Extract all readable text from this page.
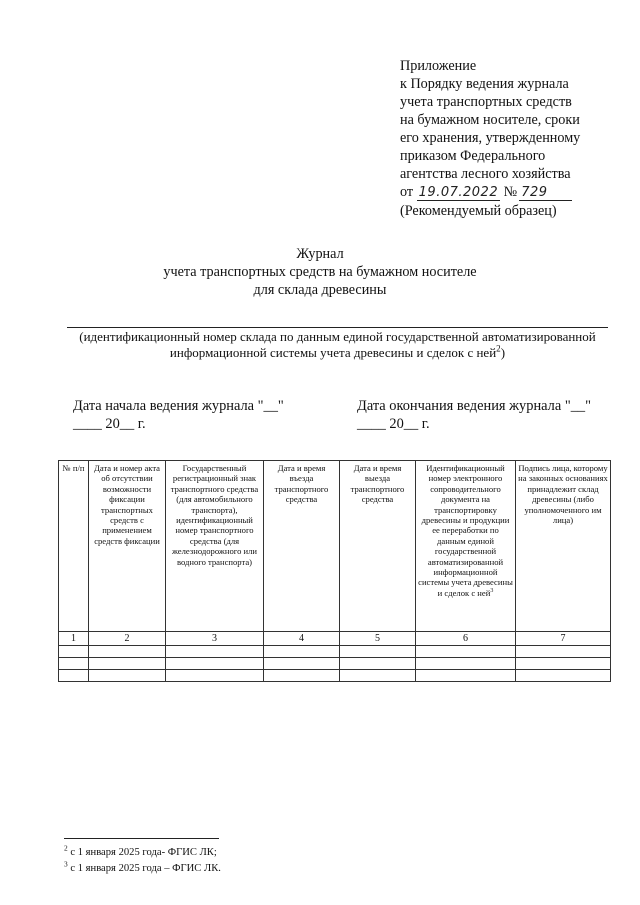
Приложение
к Порядку ведения журнала
учета транспортных средств
на бумажном носителе, сроки
его хранения, утвержденному
приказом Федерального
агентства лесного хозяйства
от 19.07.2022 № 729
(Рекомендуемый образец)
Журнал
учета транспортных средств на бумажном носителе
для склада древесины
(идентификационный номер склада по данным единой государственной автоматизированной
информационной системы учета древесины и сделок с ней$^2$)
Дата начала ведения журнала "__"
____ 20__ г.
Дата окончания ведения журнала "__"
____ 20__ г.
№ п/п	Дата и номер акта об отсутствии возможности фиксации транспортных средств с применением средств фиксации	Государственный регистрационный знак транспортного средства (для автомобильного транспорта), идентификационный номер транспортного средства (для железнодорожного или водного транспорта)	Дата и время въезда транспортного средства	Дата и время выезда транспортного средства	Идентификационный номер электронного сопроводительного документа на транспортировку древесины и продукции ее переработки по данным единой государственной автоматизированной информационной системы учета древесины и сделок с ней$^3$	Подпись лица, которому на законных основаниях принадлежит склад древесины (либо уполномоченного им лица)
1	2	3	4	5	6	7

$^2$ с 1 января 2025 года- ФГИС ЛК;
$^3$ с 1 января 2025 года – ФГИС ЛК.
